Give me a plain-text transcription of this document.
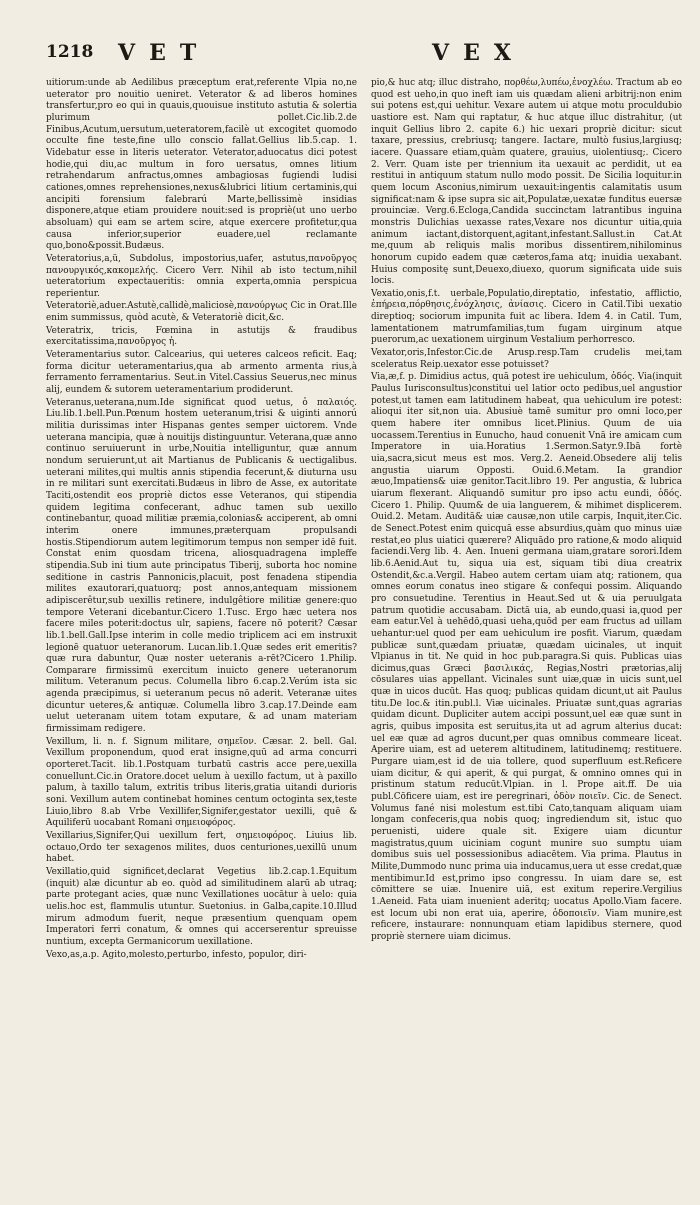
1218 VET	VEX

uitiorum:unde ab Aedilibus præceptum erat,referente Vlpia no,ne ueterator pro nouitio ueniret. Veterator & ad liberos homines transfertur,pro eo qui in quauis,quouisue instituto astutia & solertia plurimum pollet.Cic.lib.2.de Finibus,Acutum,uersutum,ueteratorem,facilè ut excogitet quomodo occulte fine teste,fine ullo conscio fallat.Gellius lib.5.cap. 1. Videbatur esse in literis ueterator. Veterator,aduocatus dici potest hodie,qui diu,ac multum in foro uersatus, omnes litium retrahendarum anfractus,omnes ambagiosas fugiendi ludisi cationes,omnes reprehensiones,nexus&lubrici litium certaminis,qui ancipiti forensium falebrarú Marte,bellissimè insidias disponere,atque etiam prouidere nouit:sed is propriè(ut uno uerbo absoluam) qui eam se artem scire, atque exercere profitetur,qua causa inferior,superior euadere,uel reclamante quo,bono&possit.Budæus.

Veteratorius,a,ü, Subdolus, impostorius,uafer, astutus,πανοῦργος πανουργικός,κακομελής. Cicero Verr. Nihil ab isto tectum,nihil ueteratorium expectaueritis: omnia experta,omnia perspicua reperientur.

Veteratoriè,aduer.Astutè,callidè,maliciosè,πανούργως Cic in Orat.Ille enim summissus, quòd acutè, & Veteratoriè dicit,&c.

Veteratrix, tricis, Fœmina in astutijs & fraudibus exercitatissima,πανοῦργος ἡ.

Veteramentarius sutor. Calcearius, qui ueteres calceos reficit. Eaq; forma dicitur ueteramentarius,qua ab armento armenta rius,à ferramento ferramentarius. Seut.in Vitel.Cassius Seuerus,nec minus alij, eundem & sutorem ueteramentarium prodiderunt.

Veteranus,ueterana,num.Ide significat quod uetus, ὁ παλαιός. Liu.lib.1.bell.Pun.Pœnum hostem ueteranum,trisi & uiginti annorú militia durissimas inter Hispanas gentes semper uictorem. Vnde ueterana mancipia, quæ à nouitijs distinguuntur. Veterana,quæ anno continuo seruiuerunt in urbe,Nouitia intelliguntur, quæ annum nondum seruierunt,ut ait Martianus de Publicanis & uectigalibus. ueterani milites,qui multis annis stipendia fecerunt,& diuturna usu in re militari sunt exercitati.Budæus in libro de Asse, ex autoritate Taciti,ostendit eos propriè dictos esse Veteranos, qui stipendia quidem legitima confecerant, adhuc tamen sub uexillo continebantur, quoad militiæ præmia,colonias& acciperent, ab omni interim onere immunes,præterquam propulsandi hostis.Stipendiorum autem legitimorum tempus non semper idē fuit. Constat enim quosdam tricena, aliosquadragena impleffe stipendia.Sub ini tium aute principatus Tiberij, suborta hoc nomine seditione in castris Pannonicis,placuit, post fenadena stipendia milites exautorari,quatuorq; post annos,antequam missionem adipiscerêtur,sub uexillis retinere, indulgêtiore militiæ genere:quo tempore Veterani dicebantur.Cicero 1.Tusc. Ergo hæc uetera nos facere miles poterit:doctus ulr, sapiens, facere nō poterit? Cæsar lib.1.bell.Gall.Ipse interim in colle medio triplicem aci em instruxit legionē quatuor ueteranorum. Lucan.lib.1.Quæ sedes erit emeritis?quæ rura dabuntur, Quæ noster ueteranis a-rēt?Cicero 1.Philip. Comparare firmissimū exercitum inuicto genere ueteranorum militum. Veteranum pecus. Columella libro 6.cap.2.Verúm ista sic agenda præcipimus, si ueteranum pecus nō aderit. Veteranæ uites dicuntur ueteres,& antiquæ. Columella libro 3.cap.17.Deinde eam uelut ueteranam uitem totam exputare, & ad unam materiam firmissimam redigere.

Vexillum, li. n. f. Signum militare, σημεῖον. Cæsar. 2. bell. Gal. Vexillum proponendum, quod erat insigne,quū ad arma concurri oporteret.Tacit. lib.1.Postquam turbatū castris acce pere,uexilla conuellunt.Cic.in Oratore.docet uelum à uexillo factum, ut à paxillo palum, à taxillo talum, extritis tribus literis,gratia uitandi durioris soni. Vexillum autem continebat homines centum octoginta sex,teste Liuio,libro 8.ab Vrbe Vexillifer,Signifer,gestator uexilli, quē & Aquiliferū uocabant Romani σημειοφόρος.

Vexillarius,Signifer,Qui uexillum fert, σημειοφόρος. Liuius lib. octauo,Ordo ter sexagenos milites, duos centuriones,uexillū unum habet.

Vexillatio,quid significet,declarat Vegetius lib.2.cap.1.Equitum (inquit) alæ dicuntur ab eo. quòd ad similitudinem alarū ab utraq; parte protegant acies, quæ nunc Vexillationes uocātur à uelo: quia uelis.hoc est, flammulis utuntur. Suetonius. in Galba,capite.10.Illud mirum admodum fuerit, neque præsentium quenquam opem Imperatori ferri conatum, & omnes qui accerserentur spreuisse nuntium, excepta Germanicorum uexillatione.

Vexo,as,a.p. Agito,molesto,perturbo, infesto, populor, diri-

pio,& huc atq; illuc distraho, πορθέω,λυπέω,ἐνοχλέω. Tractum ab eo quod est ueho,in quo ineft iam uis quædam alieni arbitrij:non enim sui potens est,qui uehitur. Vexare autem ui atque motu proculdubio uastiore est. Nam qui raptatur, & huc atque illuc distrahitur, (ut inquit Gellius libro 2. capite 6.) hic uexari propriè dicitur: sicut taxare, pressius, crebriusq; tangere. Iactare, multò fusius,largiusq; iacere. Quassare etiam,quàm quatere, grauius, uiolentiusq;. Cicero 2. Verr. Quam iste per triennium ita uexauit ac perdidit, ut ea restitui in antiquum statum nullo modo possit. De Sicilia loquitur.in quem locum Asconius,nimirum uexauit:ingentis calamitatis usum significat:nam & ipse supra sic ait,Populatæ,uexatæ funditus euersæ prouinciæ. Verg.6.Ecloga,Candida succinctam latrantibus inguina monstris Dulichias uexasse rates,Vexare nos dicuntur uitia,quia animum iactant,distorquent,agitant,infestant.Sallust.in Cat.At me,quum ab reliquis malis moribus dissentirem,nihilominus honorum cupido eadem quæ cæteros,fama atq; inuidia uexabant. Huius compositę sunt,Deuexo,diuexo, quorum significata uide suis locis.

Vexatio,onis,f.t. uerbale,Populatio,direptatio, infestatio, afflictio, ἐπήρεια,πόρθησις,ἐνόχλησις, ἀνίασις. Cicero in Catil.Tibi uexatio direptioq; sociorum impunita fuit ac libera. Idem 4. in Catil. Tum, lamentationem matrumfamilias,tum fugam uirginum atque puerorum,ac uexationem uirginum Vestalium perhorresco.

Vexator,oris,Infestor.Cic.de Arusp.resp.Tam crudelis mei,tam sceleratus Reip.uexator esse potuisset?

Via,æ,f. p. Dimidius actus, quā potest ire uehiculum, ὁδός. Via(inquit Paulus Iurisconsultus)constitui uel latior octo pedibus,uel angustior potest,ut tamen eam latitudinem habeat, qua uehiculum ire potest: alioqui iter sit,non uia. Abusiuè tamē sumitur pro omni loco,per quem habere iter omnibus licet.Plinius. Quum de uia uocassem.Terentius in Eunucho, haud conuenit Vnā ire amicam cum Imperatore in uia.Horatius 1.Sermon.Satyr.9.Ibā fortè uia,sacra,sicut meus est mos. Verg.2. Aeneid.Obsedere alij telis angustia uiarum Opposti. Ouid.6.Metam. Ia grandior æuo,Impatiens& uiæ genitor.Tacit.libro 19. Per angustia, & lubrica uiarum flexerant. Aliquandō sumitur pro ipso actu eundi, ὁδός. Cicero 1. Philip. Quum& de uia languerem, & mihimet displicerem. Ouid.2. Metam. Auditā& uiæ causæ,non utile carpis, Inquit,iter.Cic. de Senect.Potest enim quicquā esse absurdius,quàm quo minus uiæ restat,eo plus uiatici quærere? Aliquādo pro ratione,& modo aliquid faciendi.Verg lib. 4. Aen. Inueni germana uiam,gratare sorori.Idem lib.6.Aenid.Aut tu, siqua uia est, siquam tibi diua creatrix Ostendit,&c.a.Vergil. Habeo autem certam uiam atq; rationem, qua omnes eorum conatus ineo stigare & confequi possim. Aliquando pro consuetudine. Terentius in Heaut.Sed ut & uia peruulgata patrum quotidie accusabam. Dictā uia, ab eundo,quasi ia,quod per eam eatur.Vel à uehēdō,quasi ueha,quōd per eam fructus ad uillam uehantur:uel quod per eam uehiculum ire posfit. Viarum, quædam publicæ sunt,quædam priuatæ, quædam uicinales, ut inquit Vlpianus in tit. Ne quid in hoc pub.paragra.Si quis. Publicas uias dicimus,quas Græci βασιλικάς, Regias,Nostri prætorias,alij cōsulares uias appellant. Vicinales sunt uiæ,quæ in uicis sunt,uel quæ in uicos ducūt. Has quoq; publicas quidam dicunt,ut ait Paulus titu.De loc.& itin.publ.l. Viæ uicinales. Priuatæ sunt,quas agrarias quidam dicunt. Dupliciter autem accipi possunt,uel eæ quæ sunt in agris, quibus imposita est seruitus,ita ut ad agrum alterius ducat: uel eæ quæ ad agros ducunt,per quas omnibus commeare liceat. Aperire uiam, est ad ueterem altitudinem, latitudinemq; restituere. Purgare uiam,est id de uia tollere, quod superfluum est.Reficere uiam dicitur, & qui aperit, & qui purgat, & omnino omnes qui in pristinum statum reducūt.Vlpian. in l. Prope ait.ff. De uia publ.Cōficere uiam, est ire peregrinari, ὁδὸν ποιεῖν. Cic. de Senect. Volumus fané nisi molestum est.tibi Cato,tanquam aliquam uiam longam confeceris,qua nobis quoq; ingrediendum sit, istuc quo peruenisti, uidere quale sit. Exigere uiam dicuntur magistratus,quum uiciniam cogunt munire suo sumptu uiam domibus suis uel possessionibus adiacētem. Via prima. Plautus in Milite,Dummodo nunc prima uia inducamus,uera ut esse credat,quæ mentibimur.Id est,primo ipso congressu. In uiam dare se, est cōmittere se uiæ. Inuenire uiā, est exitum reperire.Vergilius 1.Aeneid. Fata uiam inuenient aderitq; uocatus Apollo.Viam facere. est locum ubi non erat uia, aperire, ὁδοποιεῖν. Viam munire,est reficere, instaurare: nonnunquam etiam lapidibus sternere, quod propriè sternere uiam dicimus.
